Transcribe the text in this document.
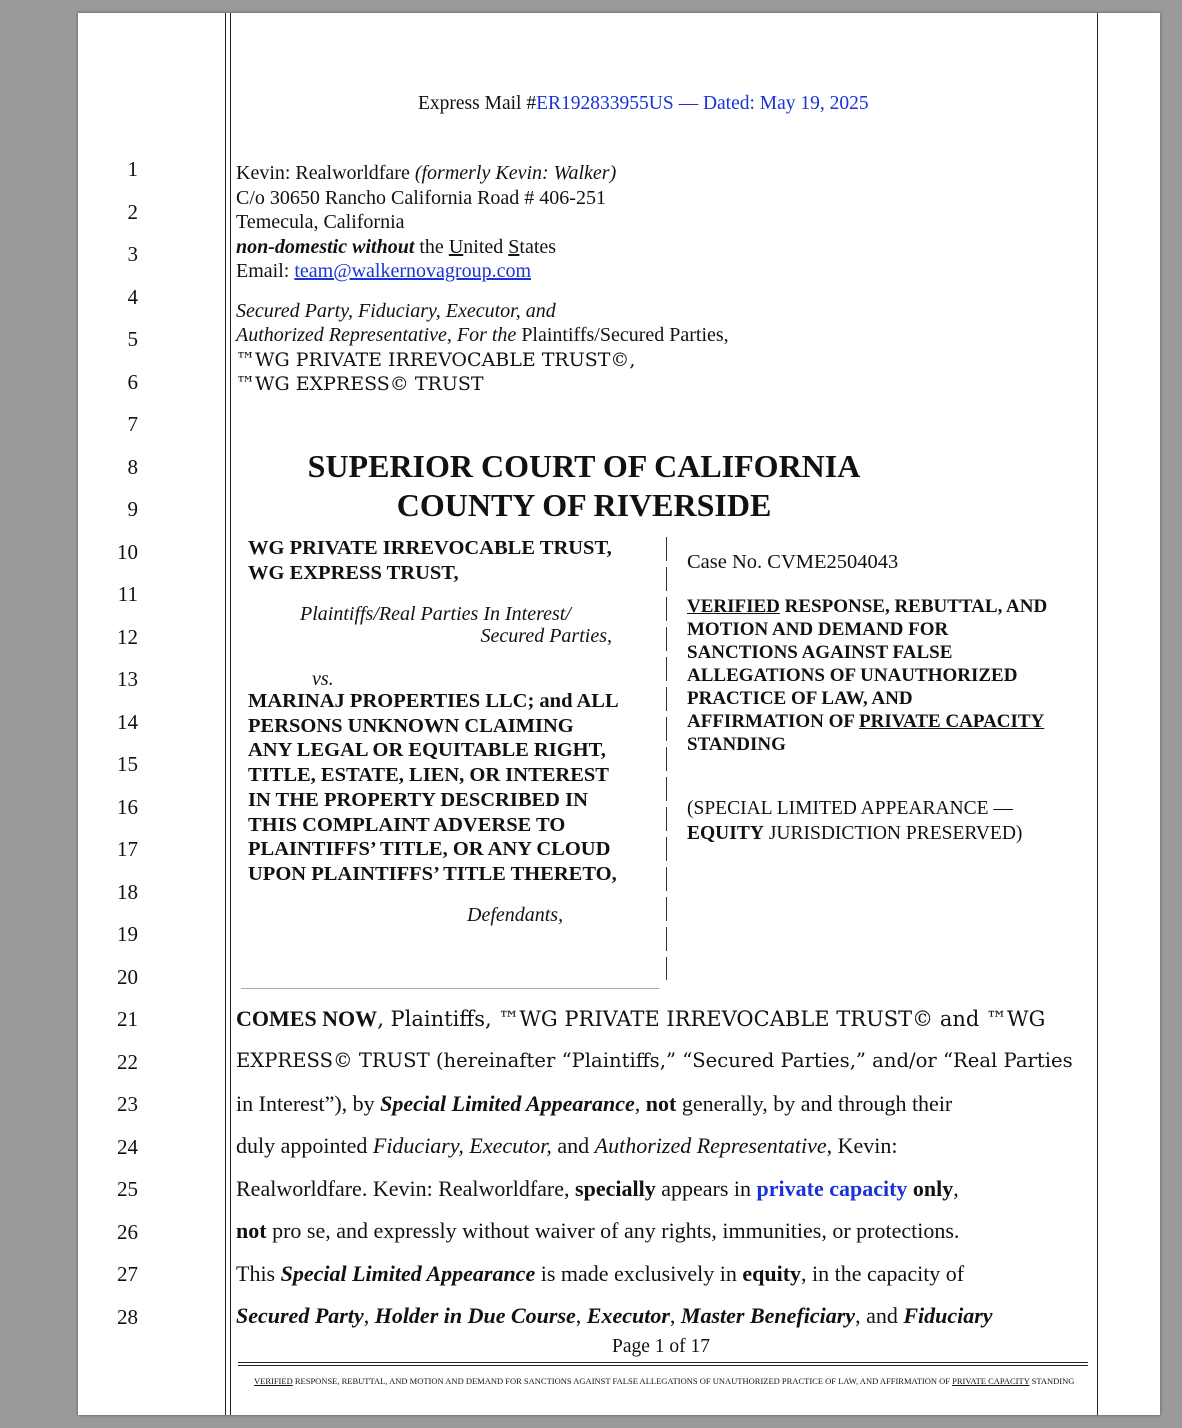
Express Mail #ER192833955US — Dated: May 19, 2025
1
2
3
4
5
6
7
8
9
10
11
12
13
14
15
16
17
18
19
20
21
22
23
24
25
26
27
28
Kevin: Realworldfare (formerly Kevin: Walker)
C/o 30650 Rancho California Road # 406-251
Temecula, California
non-domestic without the United States
Email: team@walkernovagroup.com
Secured Party, Fiduciary, Executor, and
Authorized Representative, For the Plaintiffs/Secured Parties,
™WG PRIVATE IRREVOCABLE TRUST©,
™WG EXPRESS© TRUST
SUPERIOR COURT OF CALIFORNIA
COUNTY OF RIVERSIDE
WG PRIVATE IRREVOCABLE TRUST,
WG EXPRESS TRUST,
Plaintiffs/Real Parties In Interest/
Secured Parties,
vs.
MARINAJ PROPERTIES LLC; and ALL
PERSONS UNKNOWN CLAIMING
ANY LEGAL OR EQUITABLE RIGHT,
TITLE, ESTATE, LIEN, OR INTEREST
IN THE PROPERTY DESCRIBED IN
THIS COMPLAINT ADVERSE TO
PLAINTIFFS’ TITLE, OR ANY CLOUD
UPON PLAINTIFFS’ TITLE THERETO,
Defendants,
Case No. CVME2504043
VERIFIED RESPONSE, REBUTTAL, AND
MOTION AND DEMAND FOR
SANCTIONS AGAINST FALSE
ALLEGATIONS OF UNAUTHORIZED
PRACTICE OF LAW, AND
AFFIRMATION OF PRIVATE CAPACITY
STANDING
(SPECIAL LIMITED APPEARANCE —
EQUITY JURISDICTION PRESERVED)
COMES NOW, Plaintiffs, ™WG PRIVATE IRREVOCABLE TRUST© and ™WG
EXPRESS© TRUST (hereinafter “Plaintiffs,” “Secured Parties,” and/or “Real Parties
in Interest”), by Special Limited Appearance, not generally, by and through their
duly appointed Fiduciary, Executor, and Authorized Representative, Kevin:
Realworldfare. Kevin: Realworldfare, specially appears in private capacity only,
not pro se, and expressly without waiver of any rights, immunities, or protections.
This Special Limited Appearance is made exclusively in equity, in the capacity of
Secured Party, Holder in Due Course, Executor, Master Beneficiary, and Fiduciary
Page 1 of 17
VERIFIED RESPONSE, REBUTTAL, AND MOTION AND DEMAND FOR SANCTIONS AGAINST FALSE ALLEGATIONS OF UNAUTHORIZED PRACTICE OF LAW, AND AFFIRMATION OF PRIVATE CAPACITY STANDING
